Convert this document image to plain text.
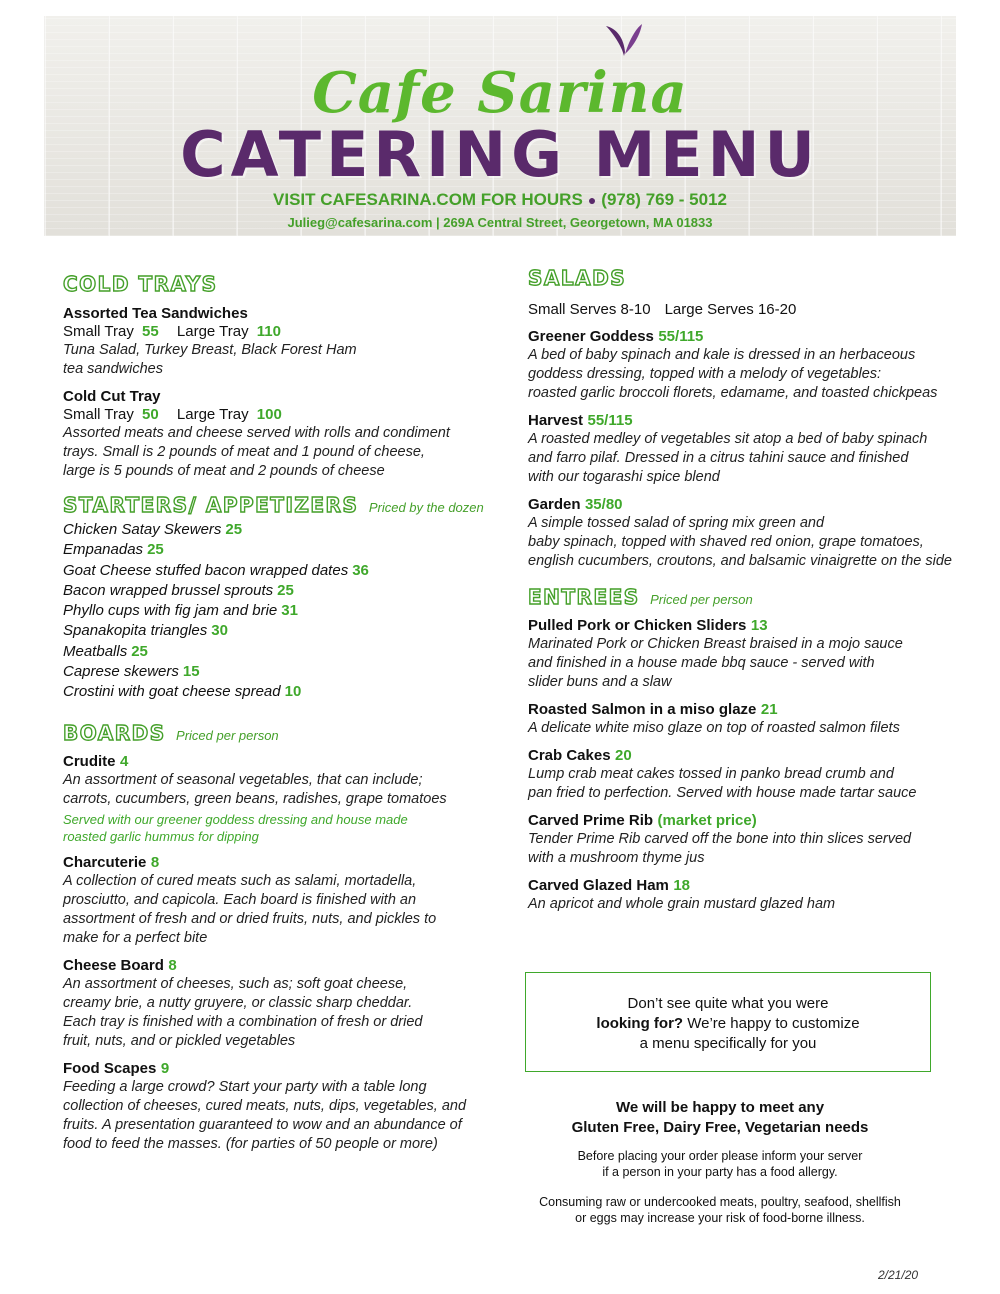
Cafe Sarina
CATERING MENU
VISIT CAFESARINA.COM FOR HOURS ● (978) 769 - 5012
Julieg@cafesarina.com | 269A Central Street, Georgetown, MA 01833
COLD TRAYS
Assorted Tea Sandwiches
Small Tray 55 Large Tray 110
Tuna Salad, Turkey Breast, Black Forest Ham
tea sandwiches
Cold Cut Tray
Small Tray 50 Large Tray 100
Assorted meats and cheese served with rolls and condiment
trays. Small is 2 pounds of meat and 1 pound of cheese,
large is 5 pounds of meat and 2 pounds of cheese
STARTERS/ APPETIZERS Priced by the dozen
Chicken Satay Skewers 25
Empanadas 25
Goat Cheese stuffed bacon wrapped dates 36
Bacon wrapped brussel sprouts 25
Phyllo cups with fig jam and brie 31
Spanakopita triangles 30
Meatballs 25
Caprese skewers 15
Crostini with goat cheese spread 10
BOARDS Priced per person
Crudite 4
An assortment of seasonal vegetables, that can include;
carrots, cucumbers, green beans, radishes, grape tomatoes
Served with our greener goddess dressing and house made
roasted garlic hummus for dipping
Charcuterie 8
A collection of cured meats such as salami, mortadella,
prosciutto, and capicola. Each board is finished with an
assortment of fresh and or dried fruits, nuts, and pickles to
make for a perfect bite
Cheese Board 8
An assortment of cheeses, such as; soft goat cheese,
creamy brie, a nutty gruyere, or classic sharp cheddar.
Each tray is finished with a combination of fresh or dried
fruit, nuts, and or pickled vegetables
Food Scapes 9
Feeding a large crowd? Start your party with a table long
collection of cheeses, cured meats, nuts, dips, vegetables, and
fruits. A presentation guaranteed to wow and an abundance of
food to feed the masses. (for parties of 50 people or more)
SALADS
Small Serves 8-10 Large Serves 16-20
Greener Goddess 55/115
A bed of baby spinach and kale is dressed in an herbaceous
goddess dressing, topped with a melody of vegetables:
roasted garlic broccoli florets, edamame, and toasted chickpeas
Harvest 55/115
A roasted medley of vegetables sit atop a bed of baby spinach
and farro pilaf. Dressed in a citrus tahini sauce and finished
with our togarashi spice blend
Garden 35/80
A simple tossed salad of spring mix green and
baby spinach, topped with shaved red onion, grape tomatoes,
english cucumbers, croutons, and balsamic vinaigrette on the side
ENTREES Priced per person
Pulled Pork or Chicken Sliders 13
Marinated Pork or Chicken Breast braised in a mojo sauce
and finished in a house made bbq sauce - served with
slider buns and a slaw
Roasted Salmon in a miso glaze 21
A delicate white miso glaze on top of roasted salmon filets
Crab Cakes 20
Lump crab meat cakes tossed in panko bread crumb and
pan fried to perfection. Served with house made tartar sauce
Carved Prime Rib (market price)
Tender Prime Rib carved off the bone into thin slices served
with a mushroom thyme jus
Carved Glazed Ham 18
An apricot and whole grain mustard glazed ham
Don’t see quite what you were
looking for? We’re happy to customize
a menu specifically for you
We will be happy to meet any
Gluten Free, Dairy Free, Vegetarian needs
Before placing your order please inform your server
if a person in your party has a food allergy.
Consuming raw or undercooked meats, poultry, seafood, shellfish
or eggs may increase your risk of food-borne illness.
2/21/20
